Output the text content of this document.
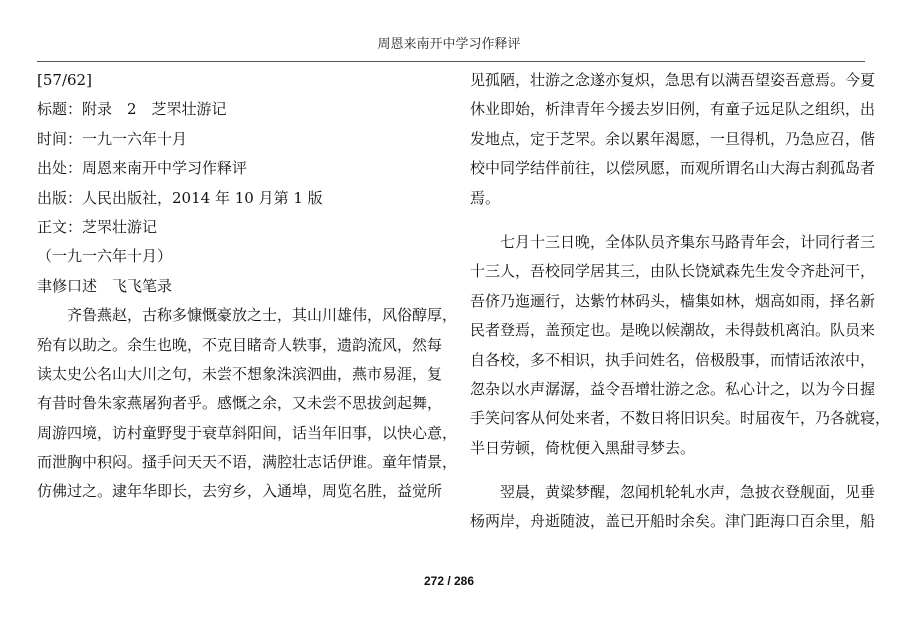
周恩来南开中学习作释评
[57/62]
标题：附录　2　芝罘壮游记
时间：一九一六年十月
出处：周恩来南开中学习作释评
出版：人民出版社，2014 年 10 月第 1 版
正文：芝罘壮游记
（一九一六年十月）
聿修口述　飞飞笔录
　　齐鲁燕赵，古称多慷慨豪放之士，其山川雄伟，风俗醇厚，
殆有以助之。余生也晚，不克目睹奇人轶事，遗韵流风，然每
读太史公名山大川之句，未尝不想象洙滨泗曲，燕市易涯，复
有昔时鲁朱家燕屠狗者乎。感慨之余，又未尝不思拔剑起舞，
周游四境，访村童野叟于衰草斜阳间，话当年旧事，以快心意，
而泄胸中积闷。搔手问天天不语，满腔壮志话伊谁。童年情景，
仿佛过之。逮年华即长，去穷乡，入通埠，周览名胜，益觉所
见孤陋，壮游之念遂亦复炽，急思有以满吾望姿吾意焉。今夏
休业即始，析津青年今援去岁旧例，有童子远足队之组织，出
发地点，定于芝罘。余以累年渴愿，一旦得机，乃急应召，偕
校中同学结伴前往，以偿夙愿，而观所谓名山大海古刹孤岛者
焉。
　　七月十三日晚，全体队员齐集东马路青年会，计同行者三
十三人，吾校同学居其三，由队长饶斌森先生发令齐赴河干，
吾侪乃迤逦行，达紫竹林码头，樯集如林，烟高如雨，择名新
民者登焉，盖预定也。是晚以候潮故，未得鼓机离泊。队员来
自各校，多不相识，执手问姓名，倍极殷事，而情话浓浓中，
忽杂以水声潺潺，益令吾增壮游之念。私心计之，以为今日握
手笑问客从何处来者，不数日将旧识矣。时届夜午，乃各就寝，
半日劳顿，倚枕便入黑甜寻梦去。
　　翌晨，黄粱梦醒，忽闻机轮轧水声，急披衣登舰面，见垂
杨两岸，舟逝随波，盖已开船时余矣。津门距海口百余里，船
272 / 286
